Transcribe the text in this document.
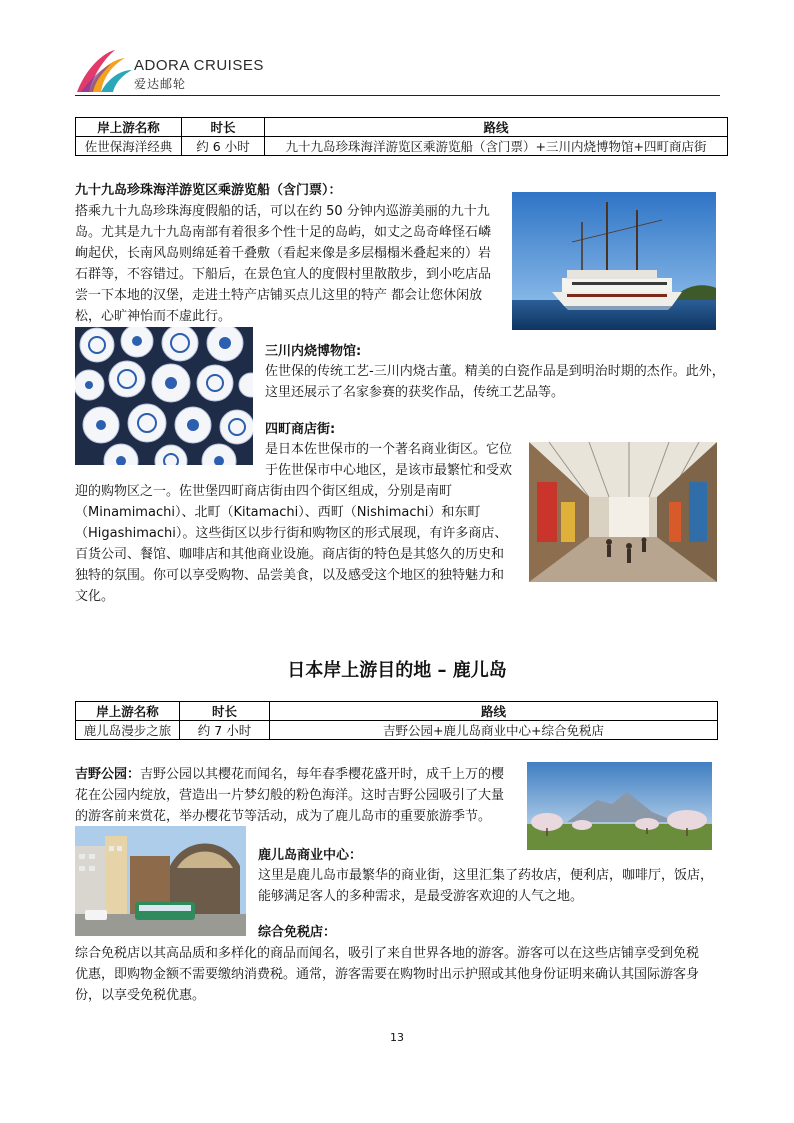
ADORA CRUISES
爱达邮轮
岸上游名称	时长	路线
佐世保海洋经典	约 6 小时	九十九岛珍珠海洋游览区乘游览船（含门票）+三川内烧博物馆+四町商店街
九十九岛珍珠海洋游览区乘游览船（含门票）：
搭乘九十九岛珍珠海度假船的话，可以在约 50 分钟内巡游美丽的九十九
岛。尤其是九十九岛南部有着很多个性十足的岛屿，如丈之岛奇峰怪石嶙
峋起伏，长南风岛则绵延着千叠敷（看起来像是多层榻榻米叠起来的）岩
石群等，不容错过。下船后，在景色宜人的度假村里散散步，到小吃店品
尝一下本地的汉堡，走进土特产店铺买点儿这里的特产 都会让您休闲放
松，心旷神怡而不虚此行。
三川内烧博物馆:
佐世保的传统工艺-三川内烧古董。精美的白瓷作品是到明治时期的杰作。此外，
这里还展示了名家参赛的获奖作品，传统工艺品等。
四町商店街:
是日本佐世保市的一个著名商业街区。它位
于佐世保市中心地区，是该市最繁忙和受欢
迎的购物区之一。佐世堡四町商店街由四个街区组成，分别是南町
（Minamimachi）、北町（Kitamachi）、西町（Nishimachi）和东町
（Higashimachi）。这些街区以步行街和购物区的形式展现，有许多商店、
百货公司、餐馆、咖啡店和其他商业设施。商店街的特色是其悠久的历史和
独特的氛围。你可以享受购物、品尝美食，以及感受这个地区的独特魅力和
文化。
日本岸上游目的地 – 鹿儿岛
岸上游名称	时长	路线
鹿儿岛漫步之旅	约 7 小时	吉野公园+鹿儿岛商业中心+综合免税店
吉野公园：吉野公园以其樱花而闻名，每年春季樱花盛开时，成千上万的樱
花在公园内绽放，营造出一片梦幻般的粉色海洋。这时吉野公园吸引了大量
的游客前来赏花，举办樱花节等活动，成为了鹿儿岛市的重要旅游季节。
鹿儿岛商业中心：
这里是鹿儿岛市最繁华的商业街，这里汇集了药妆店，便利店，咖啡厅，饭店，
能够满足客人的多种需求，是最受游客欢迎的人气之地。
综合免税店：
综合免税店以其高品质和多样化的商品而闻名，吸引了来自世界各地的游客。游客可以在这些店铺享受到免税
优惠，即购物金额不需要缴纳消费税。通常，游客需要在购物时出示护照或其他身份证明来确认其国际游客身
份，以享受免税优惠。
13
